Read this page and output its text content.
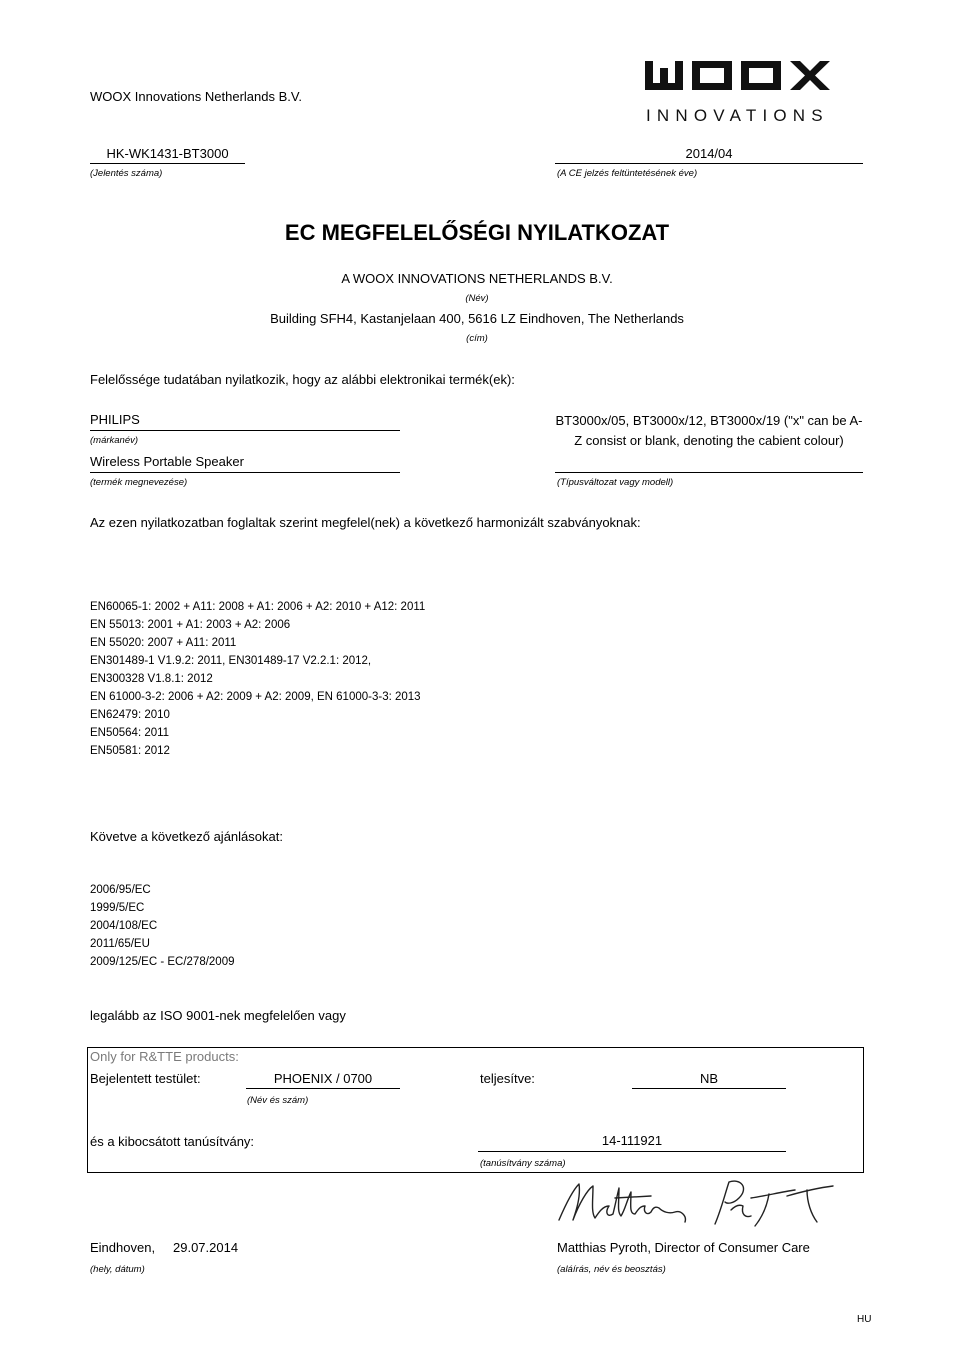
WOOX Innovations Netherlands B.V.
INNOVATIONS
HK-WK1431-BT3000
(Jelentés száma)
2014/04
(A CE jelzés feltüntetésének éve)
EC MEGFELELŐSÉGI NYILATKOZAT
A WOOX INNOVATIONS NETHERLANDS B.V.
(Név)
Building SFH4, Kastanjelaan 400, 5616 LZ Eindhoven, The Netherlands
(cím)
Felelőssége tudatában nyilatkozik, hogy az alábbi elektronikai termék(ek):
PHILIPS
(márkanév)
Wireless Portable Speaker
(termék megnevezése)
BT3000x/05, BT3000x/12, BT3000x/19 ("x" can be A-Z consist or blank, denoting the cabient colour)
(Típusváltozat vagy modell)
Az ezen nyilatkozatban foglaltak szerint megfelel(nek) a következő harmonizált szabványoknak:
EN60065-1: 2002 + A11: 2008 + A1: 2006 + A2: 2010 + A12: 2011
EN 55013: 2001 + A1: 2003 + A2: 2006
EN 55020: 2007 + A11: 2011
EN301489-1 V1.9.2: 2011, EN301489-17 V2.2.1: 2012,
EN300328 V1.8.1: 2012
EN 61000-3-2: 2006 + A2: 2009 + A2: 2009, EN 61000-3-3: 2013
EN62479: 2010
EN50564: 2011
EN50581: 2012
Követve a következő ajánlásokat:
2006/95/EC
1999/5/EC
2004/108/EC
2011/65/EU
2009/125/EC - EC/278/2009
legalább az ISO 9001-nek megfelelően vagy
Only for R&TTE products:
Bejelentett testület:	PHOENIX / 0700
(Név és szám)
teljesítve:	NB
és a kibocsátott tanúsítvány:	14-111921
(tanúsítvány száma)
Eindhoven, 29.07.2014
(hely, dátum)
Matthias Pyroth, Director of Consumer Care
(aláírás, név és beosztás)
HU
